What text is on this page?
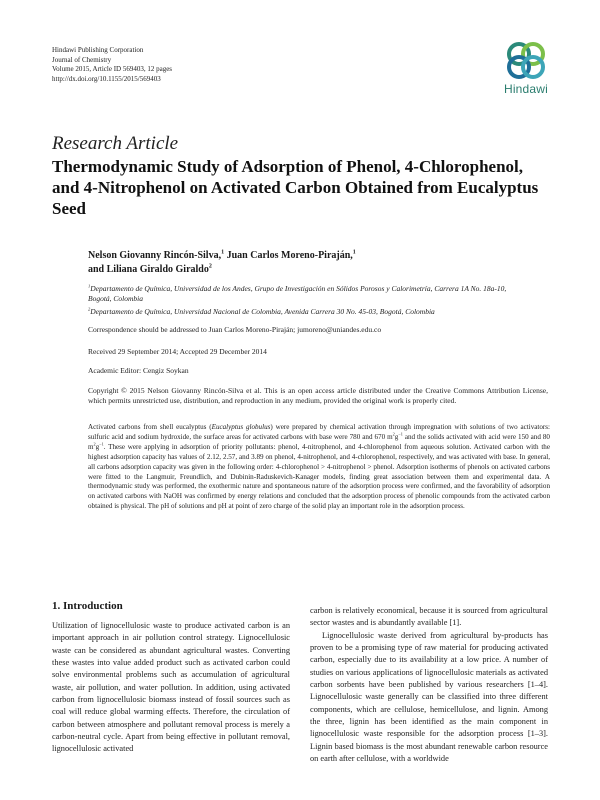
Hindawi Publishing Corporation
Journal of Chemistry
Volume 2015, Article ID 569403, 12 pages
http://dx.doi.org/10.1155/2015/569403
Hindawi
Research Article
Thermodynamic Study of Adsorption of Phenol, 4-Chlorophenol, and 4-Nitrophenol on Activated Carbon Obtained from Eucalyptus Seed
Nelson Giovanny Rincón-Silva,$^1$ Juan Carlos Moreno-Piraján,$^1$
and Liliana Giraldo Giraldo$^2$

$^1$Departamento de Química, Universidad de los Andes, Grupo de Investigación en Sólidos Porosos y Calorimetría, Carrera 1A No. 18a-10, Bogotá, Colombia

$^2$Departamento de Química, Universidad Nacional de Colombia, Avenida Carrera 30 No. 45-03, Bogotá, Colombia

Correspondence should be addressed to Juan Carlos Moreno-Piraján; jumoreno@uniandes.edu.co
Received 29 September 2014; Accepted 29 December 2014
Academic Editor: Cengiz Soykan
Copyright © 2015 Nelson Giovanny Rincón-Silva et al. This is an open access article distributed under the Creative Commons Attribution License, which permits unrestricted use, distribution, and reproduction in any medium, provided the original work is properly cited.
Activated carbons from shell eucalyptus (Eucalyptus globulus) were prepared by chemical activation through impregnation with solutions of two activators: sulfuric acid and sodium hydroxide, the surface areas for activated carbons with base were 780 and 670 $m^2g^{-1}$ and the solids activated with acid were 150 and 80 $m^2g^{-1}$. These were applying in adsorption of priority pollutants: phenol, 4-nitrophenol, and 4-chlorophenol from aqueous solution. Activated carbon with the highest adsorption capacity has values of 2.12, 2.57, and 3.89 on phenol, 4-nitrophenol, and 4-chlorophenol, respectively, and was activated with base. In general, all carbons adsorption capacity was given in the following order: 4-chlorophenol > 4-nitrophenol > phenol. Adsorption isotherms of phenols on activated carbons were fitted to the Langmuir, Freundlich, and Dubinin-Raduskevich-Kanager models, finding great association between them and experimental data. A thermodynamic study was performed, the exothermic nature and spontaneous nature of the adsorption process were confirmed, and the favorability of adsorption on activated carbons with NaOH was confirmed by energy relations and concluded that the adsorption process of phenolic compounds from the activated carbon obtained is physical. The pH of solutions and pH at point of zero charge of the solid play an important role in the adsorption process.
1. Introduction

Utilization of lignocellulosic waste to produce activated carbon is an important approach in air pollution control strategy. Lignocellulosic waste can be considered as abundant agricultural wastes. Converting these wastes into value added product such as activated carbon could solve environmental problems such as accumulation of agricultural waste, air pollution, and water pollution. In addition, using activated carbon from lignocellulosic biomass instead of fossil sources such as coal will reduce global warming effects. Therefore, the circulation of carbon between atmosphere and pollutant removal process is merely a carbon-neutral cycle. Apart from being effective in pollutant removal, lignocellulosic activated

carbon is relatively economical, because it is sourced from agricultural sector wastes and is abundantly available [1].

Lignocellulosic waste derived from agricultural by-products has proven to be a promising type of raw material for producing activated carbon, especially due to its availability at a low price. A number of studies on various applications of lignocellulosic materials as activated carbon sorbents have been published by various researchers [1–4]. Lignocellulosic waste generally can be classified into three different components, which are cellulose, hemicellulose, and lignin. Among the three, lignin has been identified as the main component in lignocellulosic waste responsible for the adsorption process [1–3]. Lignin based biomass is the most abundant renewable carbon resource on earth after cellulose, with a worldwide
